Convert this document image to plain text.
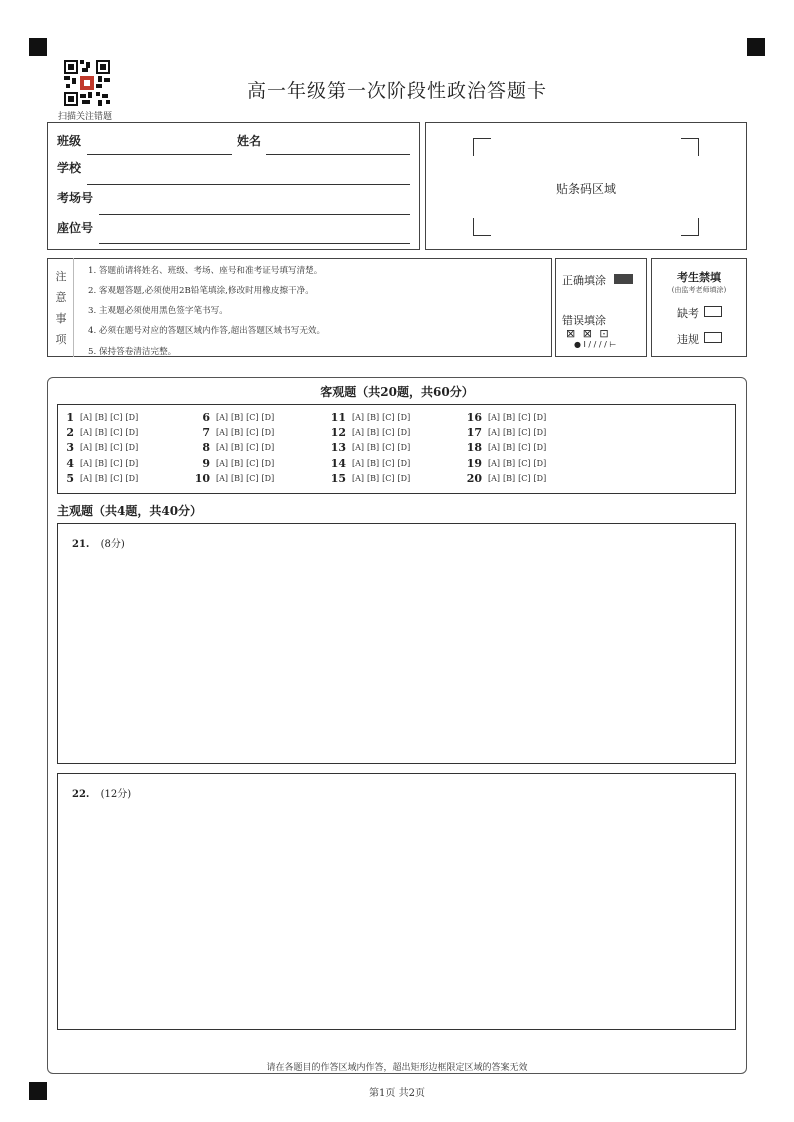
扫描关注错题
高一年级第一次阶段性政治答题卡
班级	姓名
学校
考场号
座位号
贴条码区域
注
意
事
项
1. 答题前请将姓名、班级、考场、座号和准考证号填写清楚。
2. 客观题答题,必须使用2B铅笔填涂,修改时用橡皮擦干净。
3. 主观题必须使用黑色签字笔书写。
4. 必须在题号对应的答题区域内作答,超出答题区域书写无效。
5. 保持答卷清洁完整。
正确填涂
错误填涂
⊠ ⊠ ⊡
● I / / / / ⊢
考生禁填
(由监考老师填涂)
缺考
违规
客观题（共20题，共60分）
1 [A] [B] [C] [D]
2 [A] [B] [C] [D]
3 [A] [B] [C] [D]
4 [A] [B] [C] [D]
5 [A] [B] [C] [D]
6 [A] [B] [C] [D]
7 [A] [B] [C] [D]
8 [A] [B] [C] [D]
9 [A] [B] [C] [D]
10 [A] [B] [C] [D]
11 [A] [B] [C] [D]
12 [A] [B] [C] [D]
13 [A] [B] [C] [D]
14 [A] [B] [C] [D]
15 [A] [B] [C] [D]
16 [A] [B] [C] [D]
17 [A] [B] [C] [D]
18 [A] [B] [C] [D]
19 [A] [B] [C] [D]
20 [A] [B] [C] [D]
主观题（共4题，共40分）
21. (8分)
22. (12分)
请在各题目的作答区域内作答，超出矩形边框限定区域的答案无效
第1页 共2页
